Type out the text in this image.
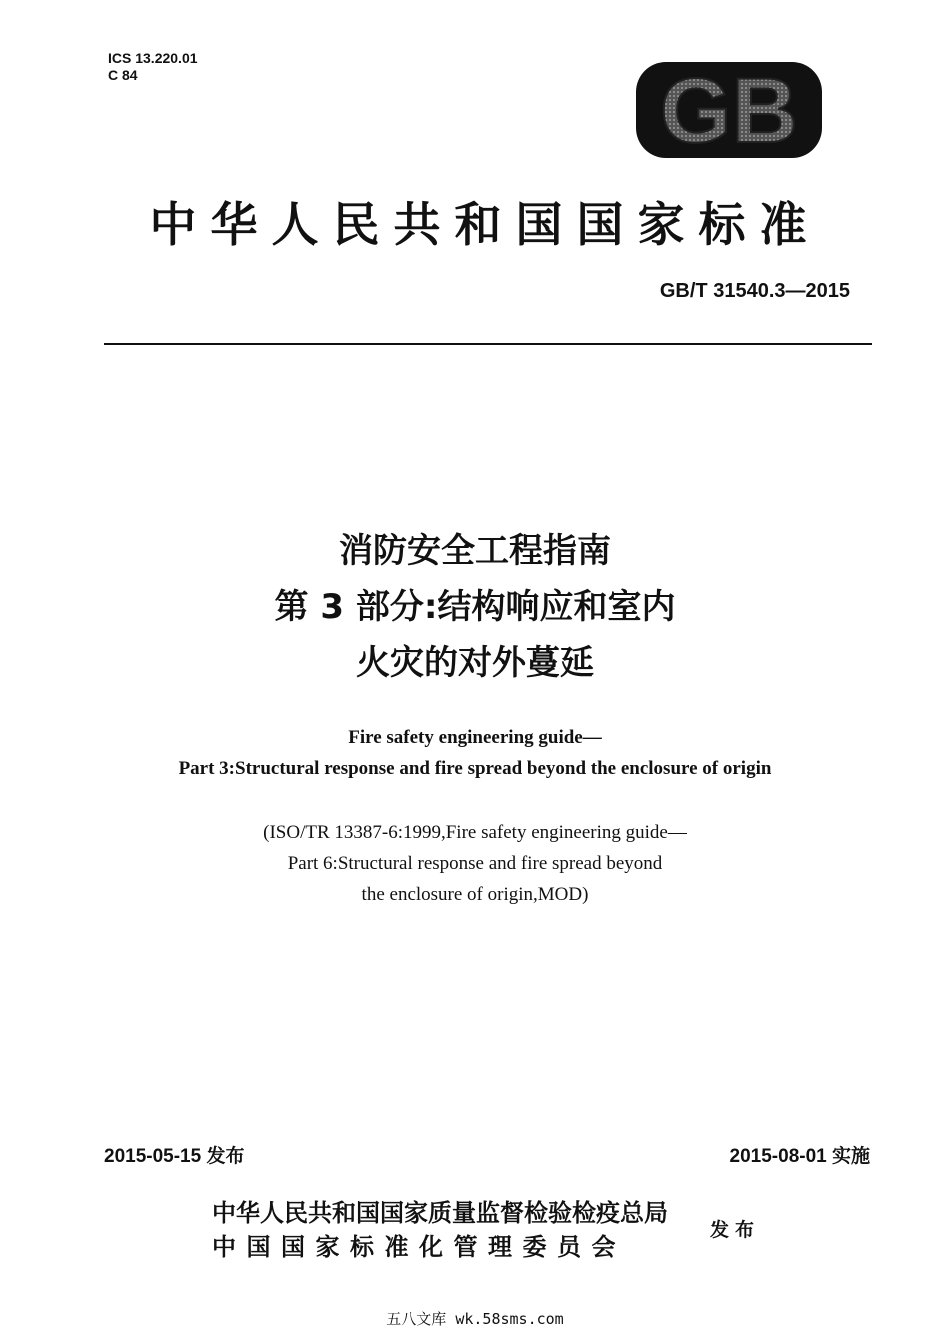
ICS 13.220.01
C 84	GB
中华人民共和国国家标准
GB/T 31540.3—2015
消防安全工程指南
第 3 部分:结构响应和室内
火灾的对外蔓延
Fire safety engineering guide—
Part 3:Structural response and fire spread beyond the enclosure of origin
(ISO/TR 13387-6:1999,Fire safety engineering guide—
Part 6:Structural response and fire spread beyond
the enclosure of origin,MOD)
2015-05-15 发布	2015-08-01 实施
中华人民共和国国家质量监督检验检疫总局
中国国家标准化管理委员会
发布
五八文库 wk.58sms.com
